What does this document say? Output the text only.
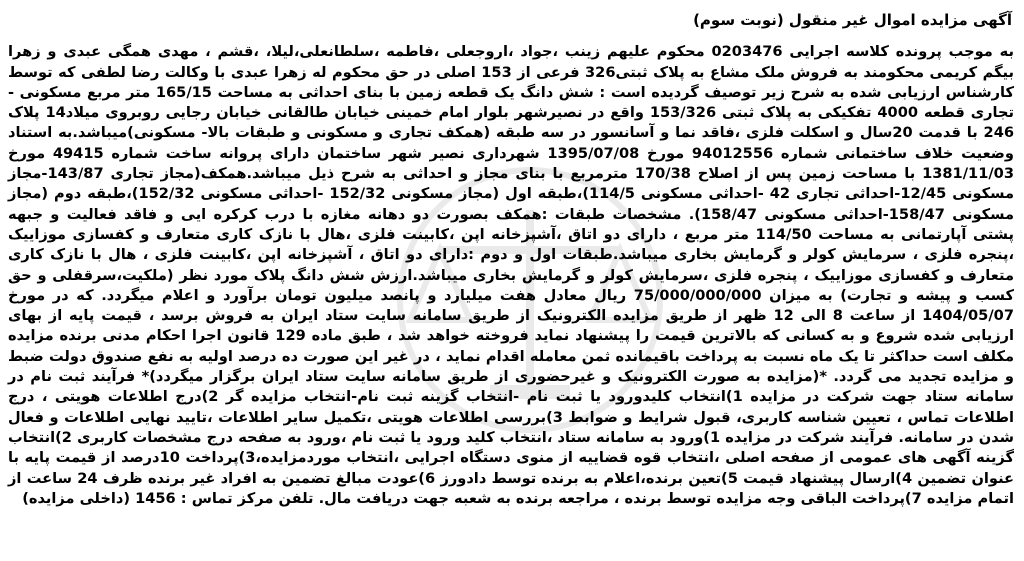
آگهی مزایده اموال غیر منقول (نوبت سوم)

به موجب پرونده کلاسه اجرایی 0203476 محکوم علیهم زینب ،جواد ،اروجعلی ،فاطمه ،سلطانعلی،لیلا، ،قشم ، مهدی همگی عبدی و زهرا بیگم کریمی محکومند به فروش ملک مشاع به پلاک ثبتی326 فرعی از 153 اصلی در حق محکوم له زهرا عبدی با وکالت رضا لطفی که توسط کارشناس ارزیابی شده به شرح زیر توصیف گردیده است : شش دانگ یک قطعه زمین با بنای احداثی به مساحت 165/15 متر مربع مسکونی - تجاری قطعه 4000 تفکیکی به پلاک ثبتی 153/326 واقع در نصیرشهر بلوار امام خمینی خیابان طالقانی خیابان رجایی روبروی میلاد14 پلاک 246 با قدمت 20سال و اسکلت فلزی ،فاقد نما و آسانسور در سه طبقه (همکف تجاری و مسکونی و طبقات بالا- مسکونی)میباشد.به استناد وضعیت خلاف ساختمانی شماره 94012556 مورخ 1395/07/08 شهرداری نصیر شهر ساختمان دارای پروانه ساخت شماره 49415 مورخ 1381/11/03 با مساحت زمین پس از اصلاح 170/38 مترمربع با بنای مجاز و احداثی به شرح ذیل میباشد.همکف(مجاز تجاری 143/87-مجاز مسکونی 12/45-احداثی تجاری 42 -احداثی مسکونی 114/5)،طبقه اول (مجاز مسکونی 152/32 -احداثی مسکونی 152/32)،طبقه دوم (مجاز مسکونی 158/47-احداثی مسکونی 158/47). مشخصات طبقات :همکف بصورت دو دهانه مغازه با درب کرکره ایی و فاقد فعالیت و جبهه پشتی آپارتمانی به مساحت 114/50 متر مربع ، دارای دو اتاق ،آشپزخانه اپن ،کابینت فلزی ،هال با نازک کاری متعارف و کفسازی موزاییک ،پنجره فلزی ، سرمایش کولر و گرمایش بخاری میباشد.طبقات اول و دوم :دارای دو اتاق ، آشپزخانه اپن ،کابینت فلزی ، هال با نازک کاری متعارف و کفسازی موزاییک ، پنجره فلزی ،سرمایش کولر و گرمایش بخاری میباشد.ارزش شش دانگ پلاک مورد نظر (ملکیت،سرقفلی و حق کسب و پیشه و تجارت) به میزان 75/000/000/000 ریال معادل هفت میلیارد و پانصد میلیون تومان برآورد و اعلام میگردد. که در مورخ 1404/05/07 از ساعت 8 الی 12 ظهر از طریق مزایده الکترونیک از طریق سامانه سایت ستاد ایران به فروش برسد ، قیمت پایه از بهای ارزیابی شده شروع و به کسانی که بالاترین قیمت را پیشنهاد نماید فروخته خواهد شد ، طبق ماده 129 قانون اجرا احکام مدنی برنده مزایده مکلف است حداکثر تا یک ماه نسبت به پرداخت باقیمانده ثمن معامله اقدام نماید ، در غیر این صورت ده درصد اولیه به نفع صندوق دولت ضبط و مزایده تجدید می گردد. *(مزایده به صورت الکترونیک و غیرحضوری از طریق سامانه سایت ستاد ایران برگزار میگردد)* فرآیند ثبت نام در سامانه ستاد جهت شرکت در مزایده 1)انتخاب کلیدورود یا ثبت نام -انتخاب گزینه ثبت نام-انتخاب مزایده گر 2)درج اطلاعات هویتی ، درج اطلاعات تماس ، تعیین شناسه کاربری، قبول شرایط و ضوابط 3)بررسی اطلاعات هویتی ،تکمیل سایر اطلاعات ،تایید نهایی اطلاعات و فعال شدن در سامانه. فرآیند شرکت در مزایده 1)ورود به سامانه ستاد ،انتخاب کلید ورود یا ثبت نام ،ورود به صفحه درج مشخصات کاربری 2)انتخاب گزینه آگهی های عمومی از صفحه اصلی ،انتخاب قوه قضاییه از منوی دستگاه اجرایی ،انتخاب موردمزایده،3)پرداخت 10درصد از قیمت پایه با عنوان تضمین 4)ارسال پیشنهاد قیمت 5)تعین برنده،اعلام به برنده توسط دادورز 6)عودت مبالغ تضمین به افراد غیر برنده ظرف 24 ساعت از اتمام مزایده 7)پرداخت الباقی وجه مزایده توسط برنده ، مراجعه برنده به شعبه جهت دریافت مال. تلفن مرکز تماس : 1456 (داخلی مزایده)
